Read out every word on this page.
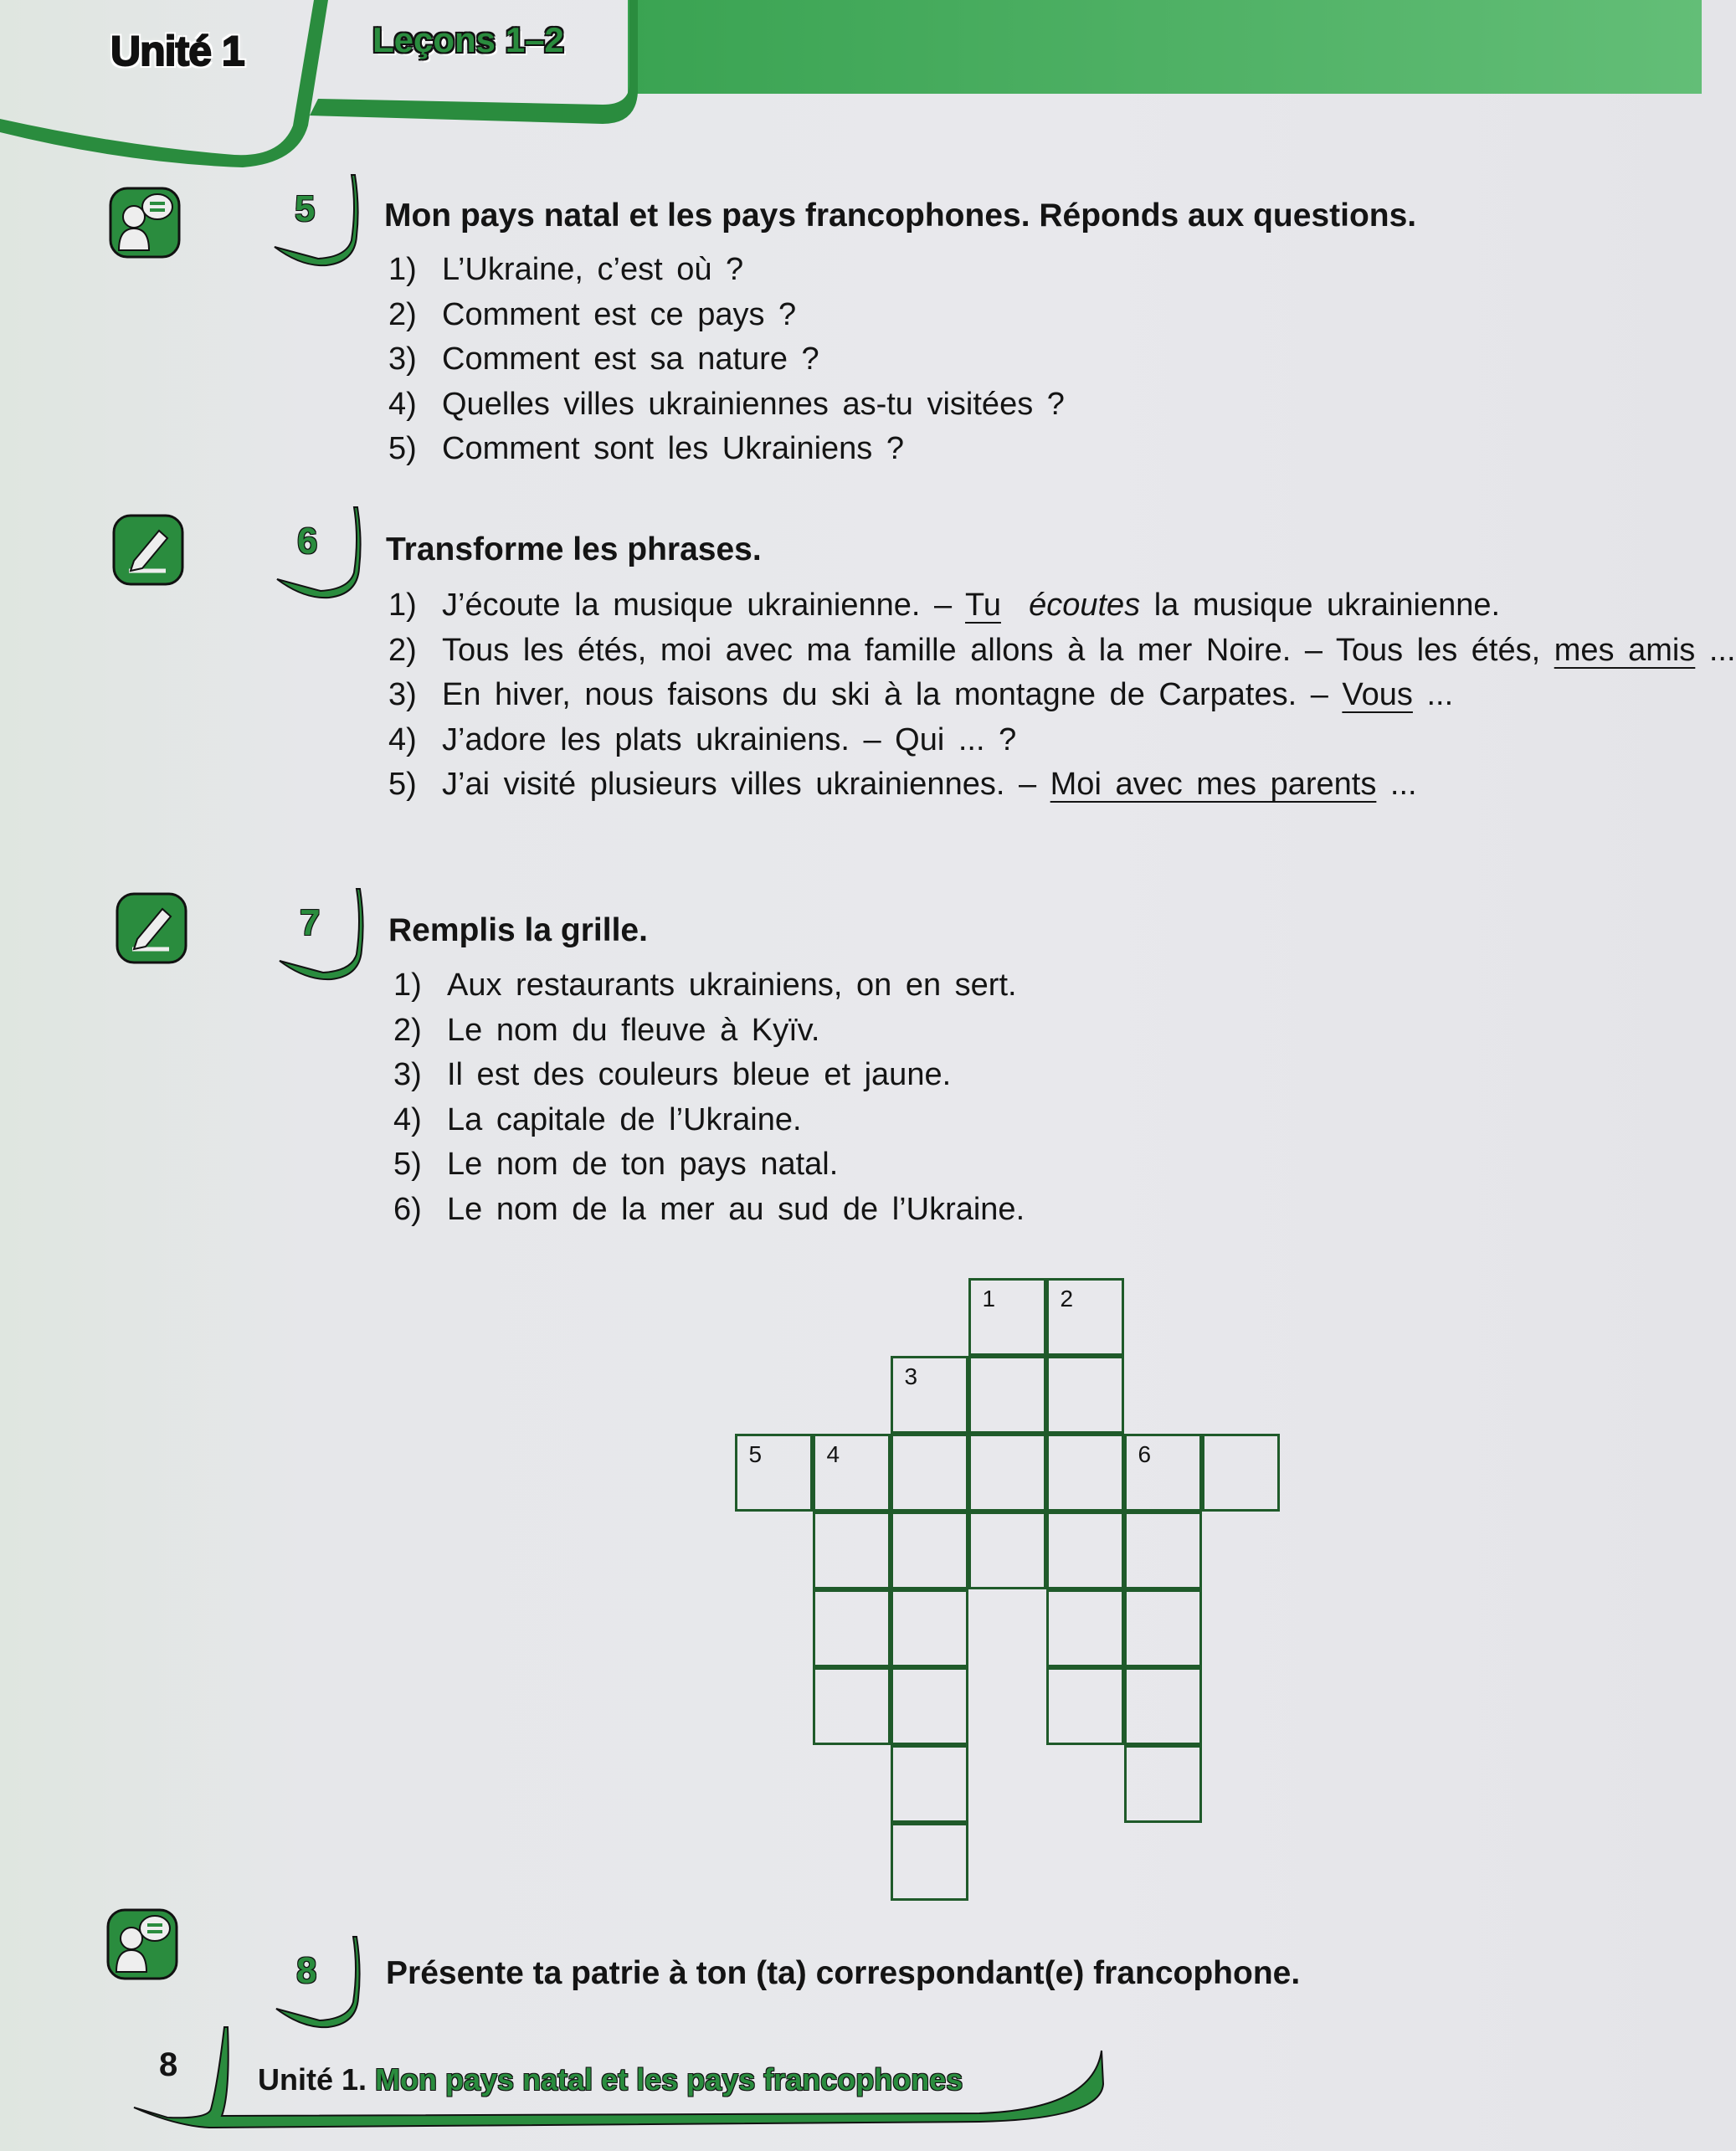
Unité 1	Leçons 1–2
5 Mon pays natal et les pays francophones. Réponds aux questions.
1) L’Ukraine, c’est où ?
2) Comment est ce pays ?
3) Comment est sa nature ?
4) Quelles villes ukrainiennes as-tu visitées ?
5) Comment sont les Ukrainiens ?
6 Transforme les phrases.
1) J’écoute la musique ukrainienne. – Tu écoutes la musique ukrainienne.
2) Tous les étés, moi avec ma famille allons à la mer Noire. – Tous les étés, mes amis ...
3) En hiver, nous faisons du ski à la montagne de Carpates. – Vous ...
4) J’adore les plats ukrainiens. – Qui ... ?
5) J’ai visité plusieurs villes ukrainiennes. – Moi avec mes parents ...
7 Remplis la grille.
1) Aux restaurants ukrainiens, on en sert.
2) Le nom du fleuve à Kyïv.
3) Il est des couleurs bleue et jaune.
4) La capitale de l’Ukraine.
5) Le nom de ton pays natal.
6) Le nom de la mer au sud de l’Ukraine.
8 Présente ta patrie à ton (ta) correspondant(e) francophone.
1	2
3
5	4	6
8	Unité 1. Mon pays natal et les pays francophones
